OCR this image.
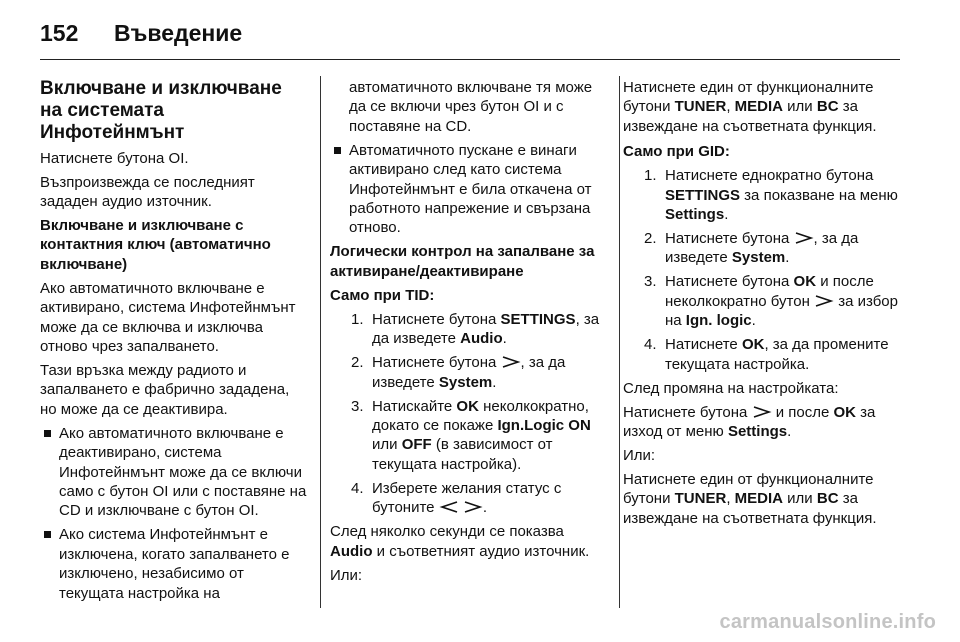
152 Въведение

Включване и изключване на системата Инфотейнмънт

Натиснете бутона OI.

Възпроизвежда се последният зададен аудио източник.

Включване и изключване с контактния ключ (автоматично включване)

Ако автоматичното включване е активирано, система Инфотейнмънт може да се включва и изключва отново чрез запалването.

Тази връзка между радиото и запалването е фабрично зададена, но може да се деактивира.

Ако автоматичното включване е деактивирано, система Инфотейнмънт може да се включи само с бутон OI или с поставяне на CD и изключване с бутон OI.
Ако система Инфотейнмънт е изключена, когато запалването е изключено, незабисимо от текущата настройка на

автоматичното включване тя може да се включи чрез бутон OI и с поставяне на CD.

Автоматичното пускане е винаги активирано след като система Инфотейнмънт е била откачена от работното напрежение и свързана отново.

Логически контрол на запалване за активиране/деактивиране

Само при TID:

1. Натиснете бутона SETTINGS, за да изведете Audio.
2. Натиснете бутона , за да изведете System.
3. Натискайте OK неколкократно, докато се покаже Ign.Logic ON или OFF (в зависимост от текущата настройка).
4. Изберете желания статус с бутоните	.

След няколко секунди се показва Audio и съответният аудио източник.

Или:

Натиснете един от функционалните бутони TUNER, MEDIA или BC за извеждане на съответната функция.

Само при GID:

1. Натиснете еднократно бутона SETTINGS за показване на меню Settings.
2. Натиснете бутона , за да изведете System.
3. Натиснете бутона OK и после неколкократно бутон  за избор на Ign. logic.
4. Натиснете OK, за да промените текущата настройка.

След промяна на настройката:

Натиснете бутона  и после OK за изход от меню Settings.

Или:

Натиснете един от функционалните бутони TUNER, MEDIA или BC за извеждане на съответната функция.

carmanualsonline.info
